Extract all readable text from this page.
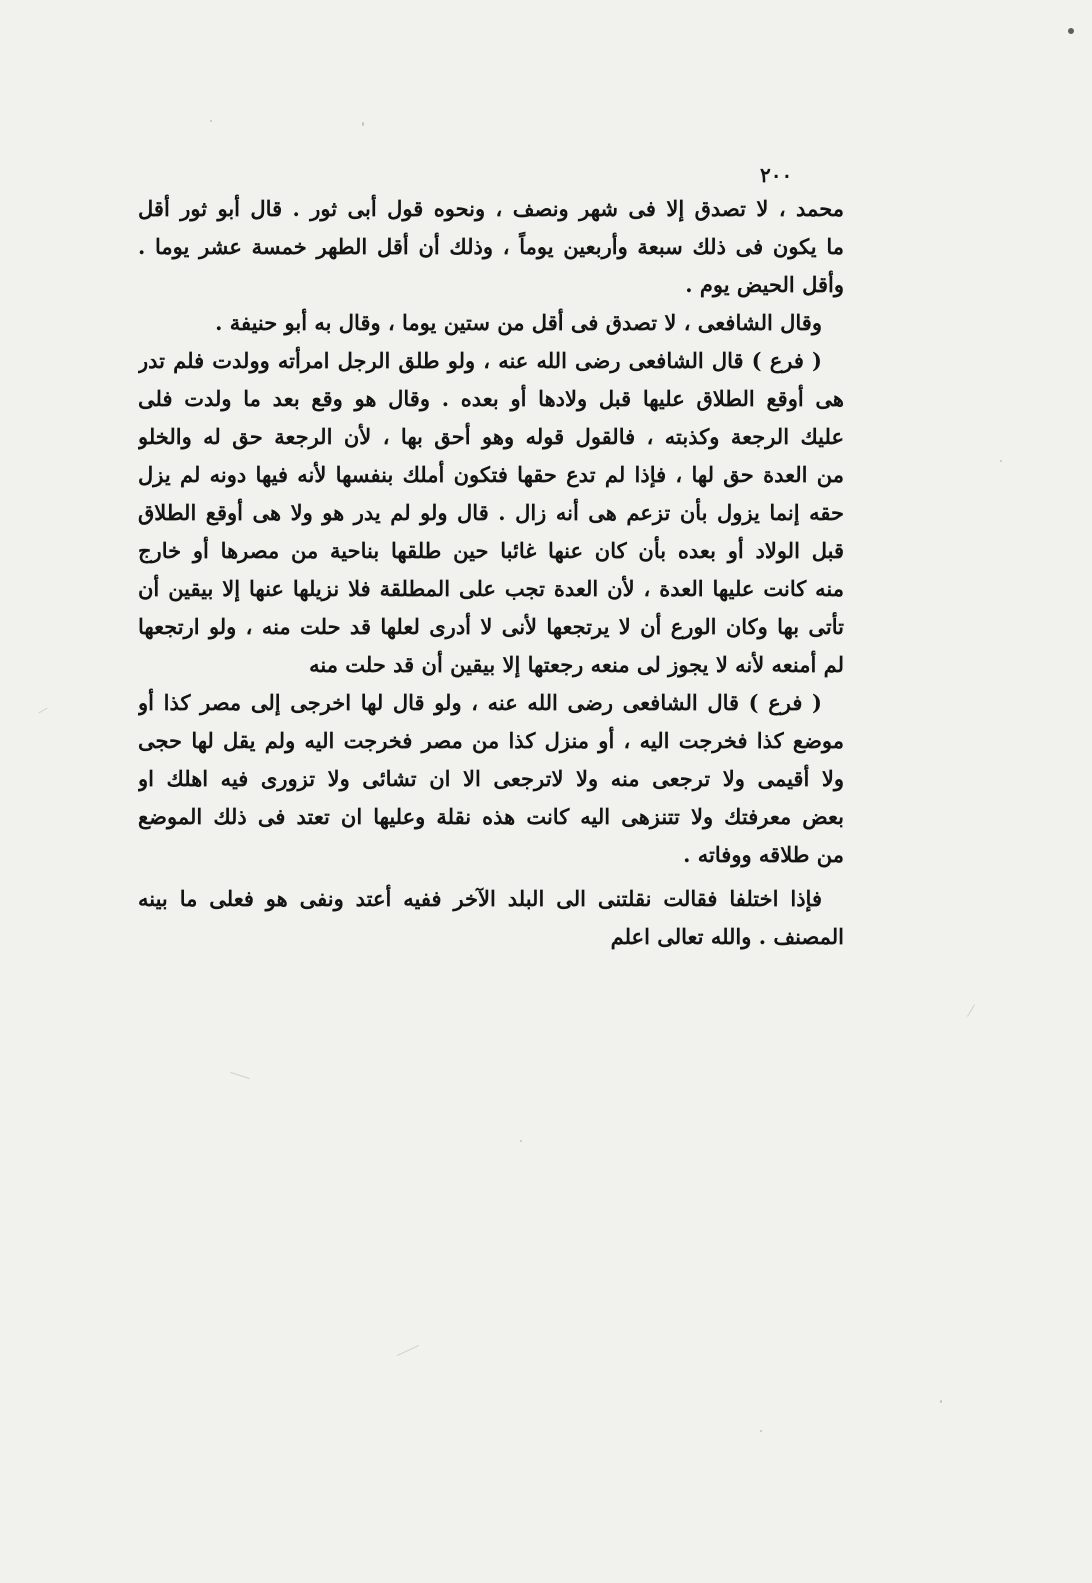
٢٠٠
محمد ، لا تصدق إلا فى شهر ونصف ، ونحوه قول أبى ثور . قال أبو ثور أقل
ما يكون فى ذلك سبعة وأربعين يوماً ، وذلك أن أقل الطهر خمسة عشر يوما .
وأقل الحيض يوم .
وقال الشافعى ، لا تصدق فى أقل من ستين يوما ، وقال به أبو حنيفة .
( فرع ) قال الشافعى رضى الله عنه ، ولو طلق الرجل امرأته وولدت فلم تدر
هى أوقع الطلاق عليها قبل ولادها أو بعده . وقال هو وقع بعد ما ولدت فلى
عليك الرجعة وكذبته ، فالقول قوله وهو أحق بها ، لأن الرجعة حق له والخلو
من العدة حق لها ، فإذا لم تدع حقها فتكون أملك بنفسها لأنه فيها دونه لم يزل
حقه إنما يزول بأن تزعم هى أنه زال . قال ولو لم يدر هو ولا هى أوقع الطلاق
قبل الولاد أو بعده بأن كان عنها غائبا حين طلقها بناحية من مصرها أو خارج
منه كانت عليها العدة ، لأن العدة تجب على المطلقة فلا نزيلها عنها إلا بيقين أن
تأتى بها وكان الورع أن لا يرتجعها لأنى لا أدرى لعلها قد حلت منه ، ولو ارتجعها
لم أمنعه لأنه لا يجوز لى منعه رجعتها إلا بيقين أن قد حلت منه
( فرع ) قال الشافعى رضى الله عنه ، ولو قال لها اخرجى إلى مصر كذا أو
موضع كذا فخرجت اليه ، أو منزل كذا من مصر فخرجت اليه ولم يقل لها حجى
ولا أقيمى ولا ترجعى منه ولا لاترجعى الا ان تشائى ولا تزورى فيه اهلك او
بعض معرفتك ولا تتنزهى اليه كانت هذه نقلة وعليها ان تعتد فى ذلك الموضع
من طلاقه ووفاته .
فإذا اختلفا فقالت نقلتنى الى البلد الآخر ففيه أعتد ونفى هو فعلى ما بينه
المصنف . والله تعالى اعلم
